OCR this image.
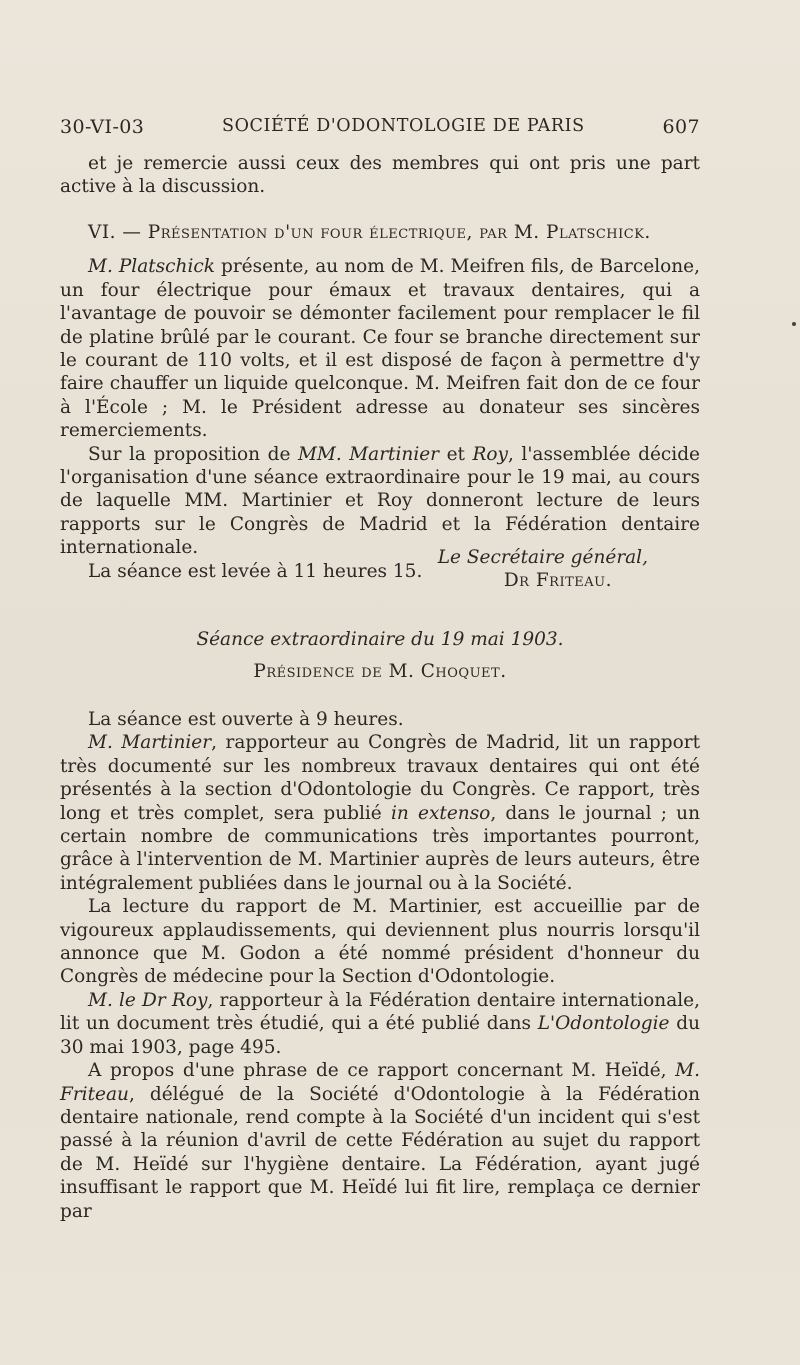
30-VI-03	SOCIÉTÉ D'ODONTOLOGIE DE PARIS	607

et je remercie aussi ceux des membres qui ont pris une part active à la discussion.

VI. — Présentation d'un four électrique, par M. Platschick.

M. Platschick présente, au nom de M. Meifren fils, de Barcelone, un four électrique pour émaux et travaux dentaires, qui a l'avantage de pouvoir se démonter facilement pour remplacer le fil de platine brûlé par le courant. Ce four se branche directement sur le courant de 110 volts, et il est disposé de façon à permettre d'y faire chauffer un liquide quelconque. M. Meifren fait don de ce four à l'École ; M. le Président adresse au donateur ses sincères remerciements.

Sur la proposition de MM. Martinier et Roy, l'assemblée décide l'organisation d'une séance extraordinaire pour le 19 mai, au cours de laquelle MM. Martinier et Roy donneront lecture de leurs rapports sur le Congrès de Madrid et la Fédération dentaire internationale.

La séance est levée à 11 heures 15.

Le Secrétaire général,
Dr Friteau.

Séance extraordinaire du 19 mai 1903.

Présidence de M. Choquet.

La séance est ouverte à 9 heures.

M. Martinier, rapporteur au Congrès de Madrid, lit un rapport très documenté sur les nombreux travaux dentaires qui ont été présentés à la section d'Odontologie du Congrès. Ce rapport, très long et très complet, sera publié in extenso, dans le journal ; un certain nombre de communications très importantes pourront, grâce à l'intervention de M. Martinier auprès de leurs auteurs, être intégralement publiées dans le journal ou à la Société.

La lecture du rapport de M. Martinier, est accueillie par de vigoureux applaudissements, qui deviennent plus nourris lorsqu'il annonce que M. Godon a été nommé président d'honneur du Congrès de médecine pour la Section d'Odontologie.

M. le Dr Roy, rapporteur à la Fédération dentaire internationale, lit un document très étudié, qui a été publié dans L'Odontologie du 30 mai 1903, page 495.

A propos d'une phrase de ce rapport concernant M. Heïdé, M. Friteau, délégué de la Société d'Odontologie à la Fédération dentaire nationale, rend compte à la Société d'un incident qui s'est passé à la réunion d'avril de cette Fédération au sujet du rapport de M. Heïdé sur l'hygiène dentaire. La Fédération, ayant jugé insuffisant le rapport que M. Heïdé lui fit lire, remplaça ce dernier par
